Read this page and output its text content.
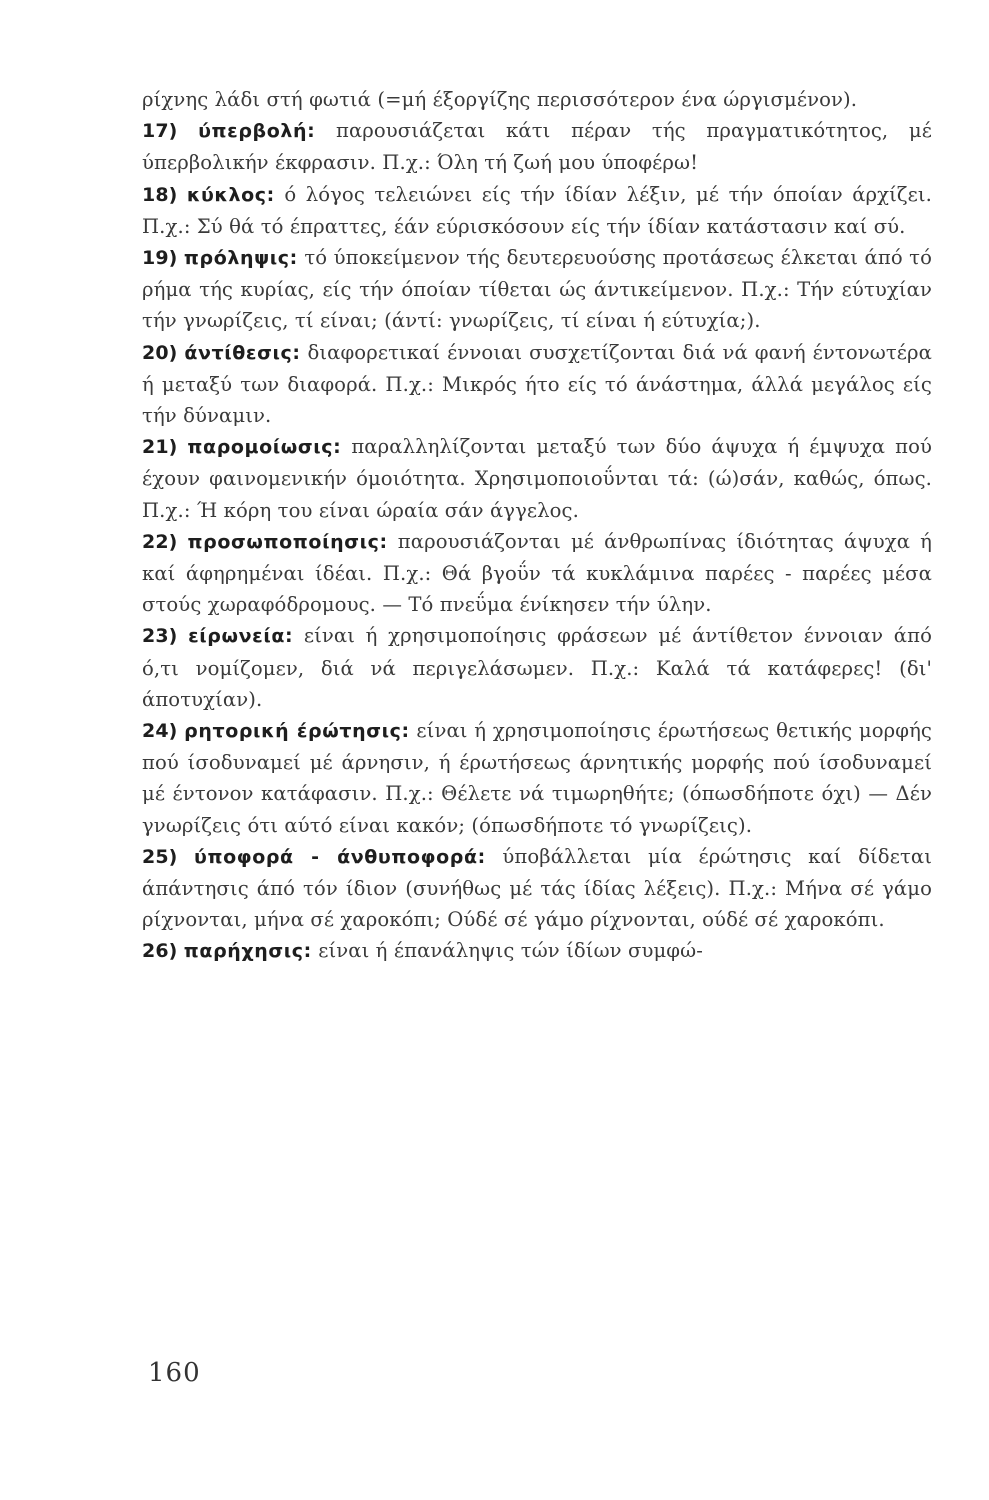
ρίχνης λάδι στή φωτιά (=μή έξοργίζης περισσότερον ένα ώργισμένον).

17) ύπερβολή: παρουσιάζεται κάτι πέραν τής πραγματικότητος, μέ ύπερβολικήν έκφρασιν. Π.χ.: Όλη τή ζωή μου ύποφέρω!

18) κύκλος: ό λόγος τελειώνει είς τήν ίδίαν λέξιν, μέ τήν όποίαν άρχίζει. Π.χ.: Σύ θά τό έπραττες, έάν εύρισκόσουν είς τήν ίδίαν κατάστασιν καί σύ.

19) πρόληψις: τό ύποκείμενον τής δευτερευούσης προτάσεως έλκεται άπό τό ρήμα τής κυρίας, είς τήν όποίαν τίθεται ώς άντικείμενον. Π.χ.: Τήν εύτυχίαν τήν γνωρίζεις, τί είναι; (άντί: γνωρίζεις, τί είναι ή εύτυχία;).

20) άντίθεσις: διαφορετικαί έννοιαι συσχετίζονται διά νά φανή έντονωτέρα ή μεταξύ των διαφορά. Π.χ.: Μικρός ήτο είς τό άνάστημα, άλλά μεγάλος είς τήν δύναμιν.

21) παρομοίωσις: παραλληλίζονται μεταξύ των δύο άψυχα ή έμψυχα πού έχουν φαινομενικήν όμοιότητα. Χρησιμοποιοΰνται τά: (ώ)σάν, καθώς, όπως. Π.χ.: Ή κόρη του είναι ώραία σάν άγγελος.

22) προσωποποίησις: παρουσιάζονται μέ άνθρωπίνας ίδιότητας άψυχα ή καί άφηρημέναι ίδέαι. Π.χ.: Θά βγοΰν τά κυκλάμινα παρέες - παρέες μέσα στούς χωραφόδρομους. — Τό πνεΰμα ένίκησεν τήν ύλην.

23) είρωνεία: είναι ή χρησιμοποίησις φράσεων μέ άντίθετον έννοιαν άπό ό,τι νομίζομεν, διά νά περιγελάσωμεν. Π.χ.: Καλά τά κατάφερες! (δι' άποτυχίαν).

24) ρητορική έρώτησις: είναι ή χρησιμοποίησις έρωτήσεως θετικής μορφής πού ίσοδυναμεί μέ άρνησιν, ή έρωτήσεως άρνητικής μορφής πού ίσοδυναμεί μέ έντονον κατάφασιν. Π.χ.: Θέλετε νά τιμωρηθήτε; (όπωσδήποτε όχι) — Δέν γνωρίζεις ότι αύτό είναι κακόν; (όπωσδήποτε τό γνωρίζεις).

25) ύποφορά - άνθυποφορά: ύποβάλλεται μία έρώτησις καί δίδεται άπάντησις άπό τόν ίδιον (συνήθως μέ τάς ίδίας λέξεις). Π.χ.: Μήνα σέ γάμο ρίχνονται, μήνα σέ χαροκόπι; Ούδέ σέ γάμο ρίχνονται, ούδέ σέ χαροκόπι.

26) παρήχησις: είναι ή έπανάληψις τών ίδίων συμφώ-

160
